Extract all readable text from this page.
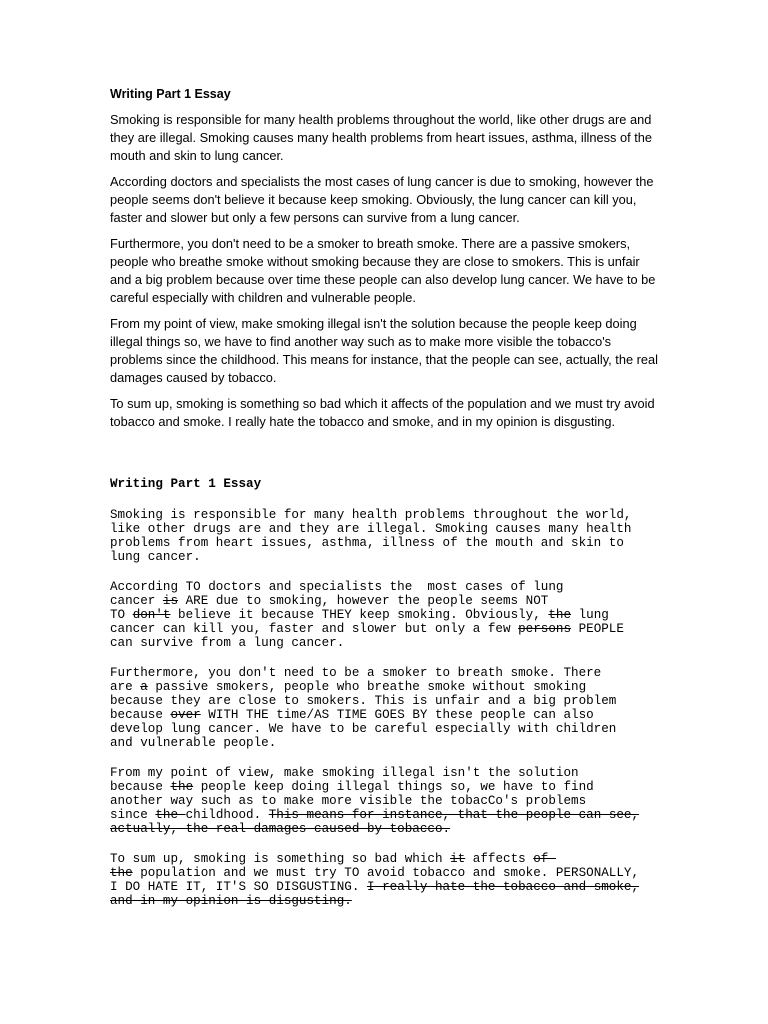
Writing Part 1 Essay

Smoking is responsible for many health problems throughout the world, like other drugs are and they are illegal. Smoking causes many health problems from heart issues, asthma, illness of the mouth and skin to lung cancer.

According doctors and specialists the most cases of lung cancer is due to smoking, however the people seems don't believe it because keep smoking. Obviously, the lung cancer can kill you, faster and slower but only a few persons can survive from a lung cancer.

Furthermore, you don't need to be a smoker to breath smoke. There are a passive smokers, people who breathe smoke without smoking because they are close to smokers. This is unfair and a big problem because over time these people can also develop lung cancer. We have to be careful especially with children and vulnerable people.

From my point of view, make smoking illegal isn't the solution because the people keep doing illegal things so, we have to find another way such as to make more visible the tobacco's problems since the childhood. This means for instance, that the people can see, actually, the real damages caused by tobacco.

To sum up, smoking is something so bad which it affects of the population and we must try avoid tobacco and smoke. I really hate the tobacco and smoke, and in my opinion is disgusting.

Writing Part 1 Essay
Smoking is responsible for many health problems throughout the world,
like other drugs are and they are illegal. Smoking causes many health
problems from heart issues, asthma, illness of the mouth and skin to
lung cancer.
According TO doctors and specialists the  most cases of lung
cancer is ARE due to smoking, however the people seems NOT
TO don't believe it because THEY keep smoking. Obviously, the lung
cancer can kill you, faster and slower but only a few persons PEOPLE
can survive from a lung cancer.
Furthermore, you don't need to be a smoker to breath smoke. There
are a passive smokers, people who breathe smoke without smoking
because they are close to smokers. This is unfair and a big problem
because over WITH THE time/AS TIME GOES BY these people can also
develop lung cancer. We have to be careful especially with children
and vulnerable people.
From my point of view, make smoking illegal isn't the solution
because the people keep doing illegal things so, we have to find
another way such as to make more visible the tobacCo's problems
since the childhood. This means for instance, that the people can see,
actually, the real damages caused by tobacco.
To sum up, smoking is something so bad which it affects of
the population and we must try TO avoid tobacco and smoke. PERSONALLY,
I DO HATE IT, IT'S SO DISGUSTING. I really hate the tobacco and smoke,
and in my opinion is disgusting.
